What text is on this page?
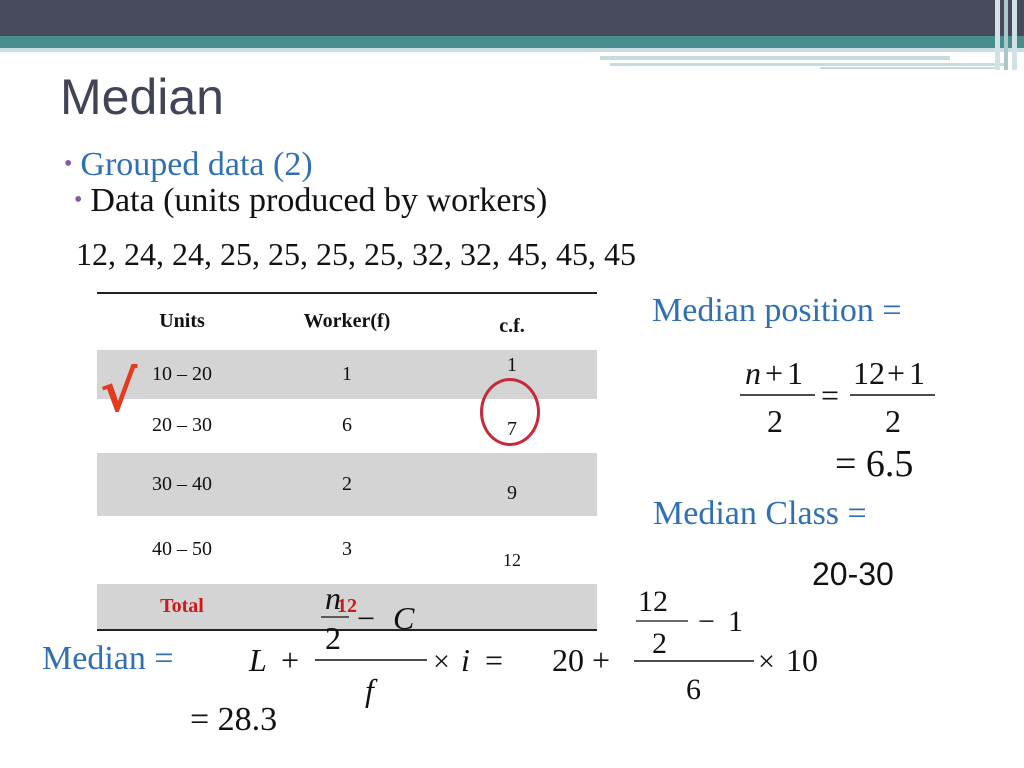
Median
• Grouped data (2)
• Data (units produced by workers)
12, 24, 24, 25, 25, 25, 25, 32, 32, 45, 45, 45
Units	Worker(f)	c.f.
10 – 20	1	1
20 – 30	6	7
30 – 40	2	9
40 – 50	3	12
Total	12	
√
Median position =
n + 1
2
=
12 + 1
2
= 6.5
Median Class =
20-30
Median =
n
2
− C
L +
f
× i =
12
2
− 1
20 +
6
× 10
= 28.3
